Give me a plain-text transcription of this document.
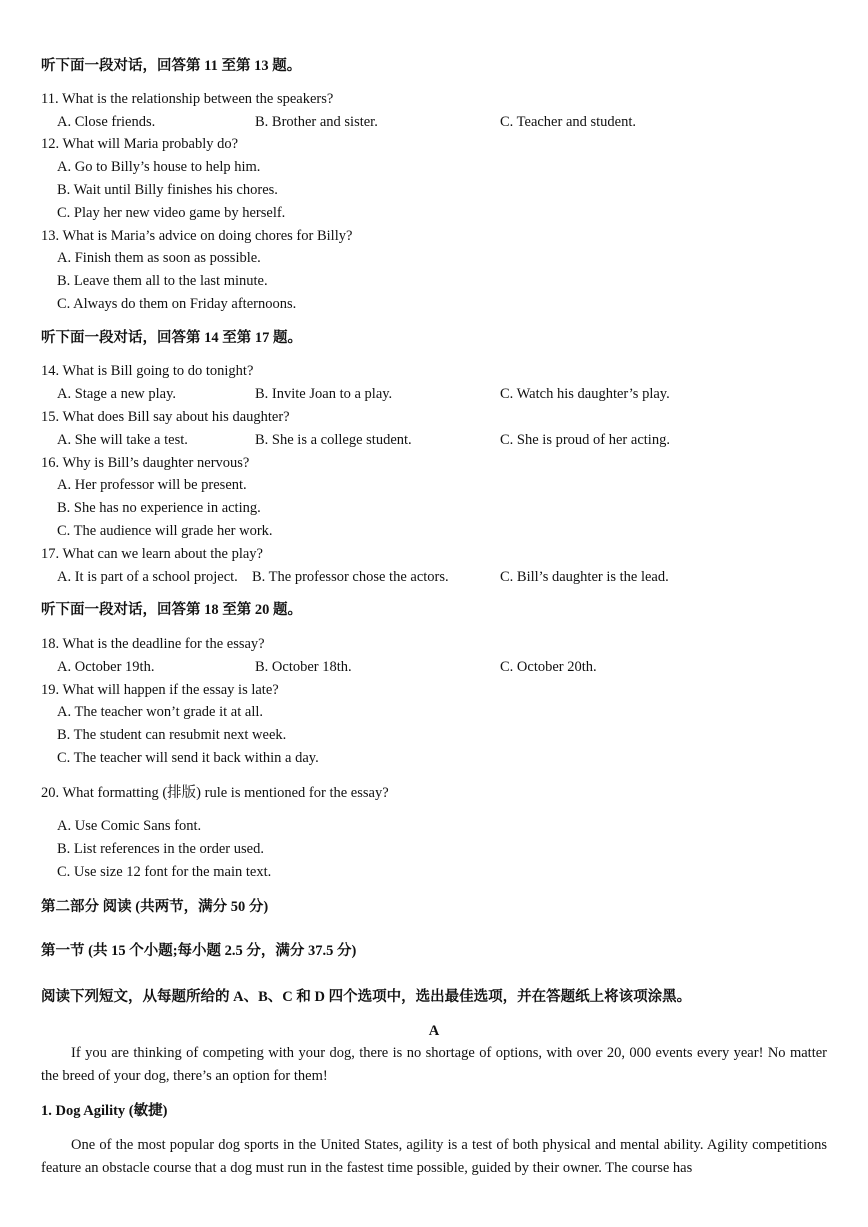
听下面一段对话，回答第 11 至第 13 题。
11. What is the relationship between the speakers?
A. Close friends.	B. Brother and sister.	C. Teacher and student.
12. What will Maria probably do?
A. Go to Billy’s house to help him.
B. Wait until Billy finishes his chores.
C. Play her new video game by herself.
13. What is Maria’s advice on doing chores for Billy?
A. Finish them as soon as possible.
B. Leave them all to the last minute.
C. Always do them on Friday afternoons.
听下面一段对话，回答第 14 至第 17 题。
14. What is Bill going to do tonight?
A. Stage a new play.	B. Invite Joan to a play.	C. Watch his daughter’s play.
15. What does Bill say about his daughter?
A. She will take a test.	B. She is a college student.	C. She is proud of her acting.
16. Why is Bill’s daughter nervous?
A. Her professor will be present.
B. She has no experience in acting.
C. The audience will grade her work.
17. What can we learn about the play?
A. It is part of a school project. B. The professor chose the actors.	C. Bill’s daughter is the lead.
听下面一段对话，回答第 18 至第 20 题。
18. What is the deadline for the essay?
A. October 19th.	B. October 18th.	C. October 20th.
19. What will happen if the essay is late?
A. The teacher won’t grade it at all.
B. The student can resubmit next week.
C. The teacher will send it back within a day.
20. What formatting (排版) rule is mentioned for the essay?
A. Use Comic Sans font.
B. List references in the order used.
C. Use size 12 font for the main text.
第二部分 阅读 (共两节，满分 50 分)
第一节 (共 15 个小题;每小题 2.5 分，满分 37.5 分)
阅读下列短文，从每题所给的 A、B、C 和 D 四个选项中，选出最佳选项，并在答题纸上将该项涂黑。
A
If you are thinking of competing with your dog, there is no shortage of options, with over 20, 000 events every year! No matter the breed of your dog, there’s an option for them!
1. Dog Agility (敏捷)
One of the most popular dog sports in the United States, agility is a test of both physical and mental ability. Agility competitions feature an obstacle course that a dog must run in the fastest time possible, guided by their owner. The course has
